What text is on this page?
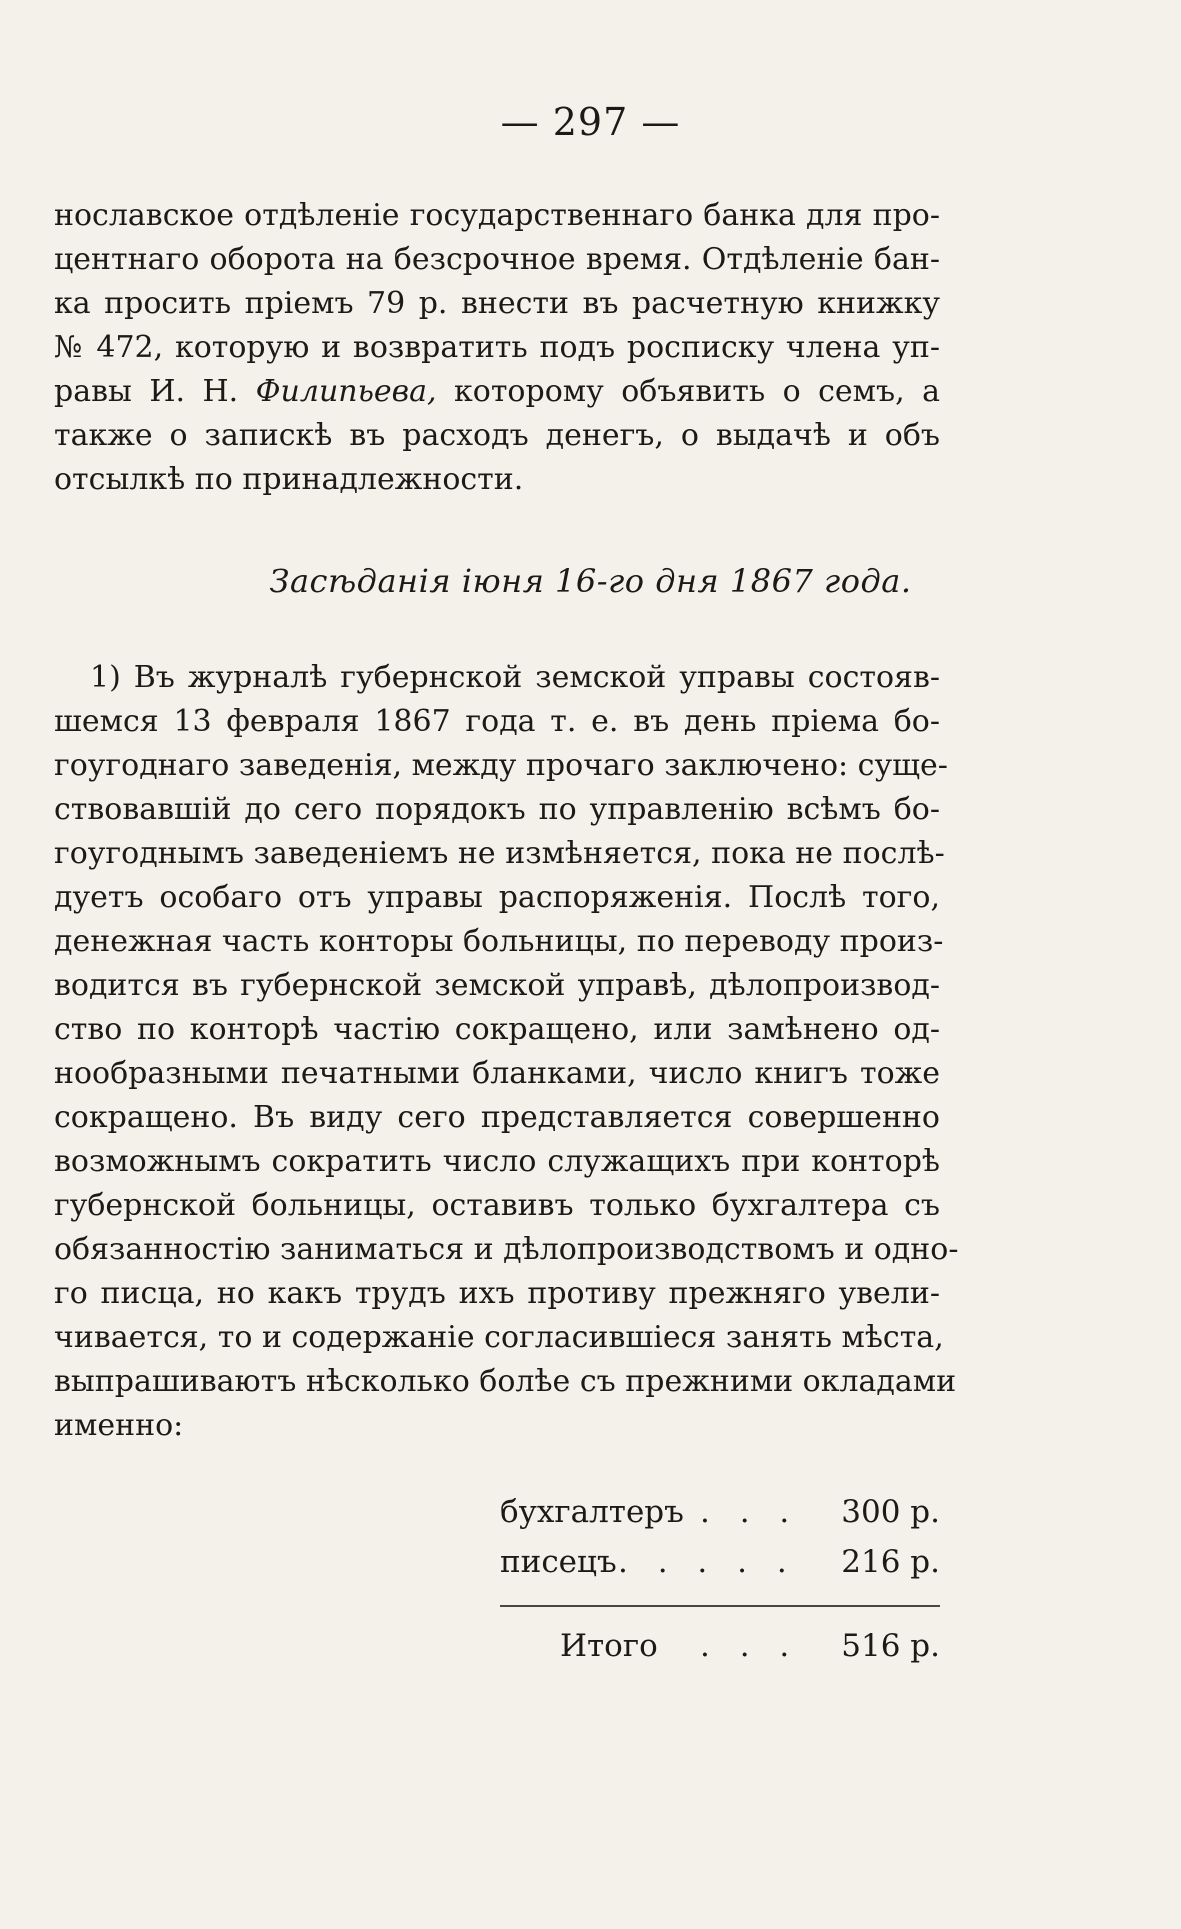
— 297 —
нославское отдѣленіе государственнаго банка для про-
центнаго оборота на безсрочное время. Отдѣленіе бан-
ка просить пріемъ 79 р. внести въ расчетную книжку
№ 472, которую и возвратить подъ росписку члена уп-
равы И. Н. Филипьева, которому объявить о семъ, а
также о запискѣ въ расходъ денегъ, о выдачѣ и объ
отсылкѣ по принадлежности.
Засѣданія іюня 16-го дня 1867 года.
1) Въ журналѣ губернской земской управы состояв-
шемся 13 февраля 1867 года т. е. въ день пріема бо-
гоугоднаго заведенія, между прочаго заключено: суще-
ствовавшій до сего порядокъ по управленію всѣмъ бо-
гоугоднымъ заведеніемъ не измѣняется, пока не послѣ-
дуетъ особаго отъ управы распоряженія. Послѣ того,
денежная часть конторы больницы, по переводу произ-
водится въ губернской земской управѣ, дѣлопроизвод-
ство по конторѣ частію сокращено, или замѣнено од-
нообразными печатными бланками, число книгъ тоже
сокращено. Въ виду сего представляется совершенно
возможнымъ сократить число служащихъ при конторѣ
губернской больницы, оставивъ только бухгалтера съ
обязанностію заниматься и дѣлопроизводствомъ и одно-
го писца, но какъ трудъ ихъ противу прежняго увели-
чивается, то и содержаніе согласившіеся занять мѣста,
выпрашиваютъ нѣсколько болѣе съ прежними окладами
именно:
бухгалтеръ . . . 300 р.
писецъ . . . . . 216 р.
Итого . . . 516 р.
